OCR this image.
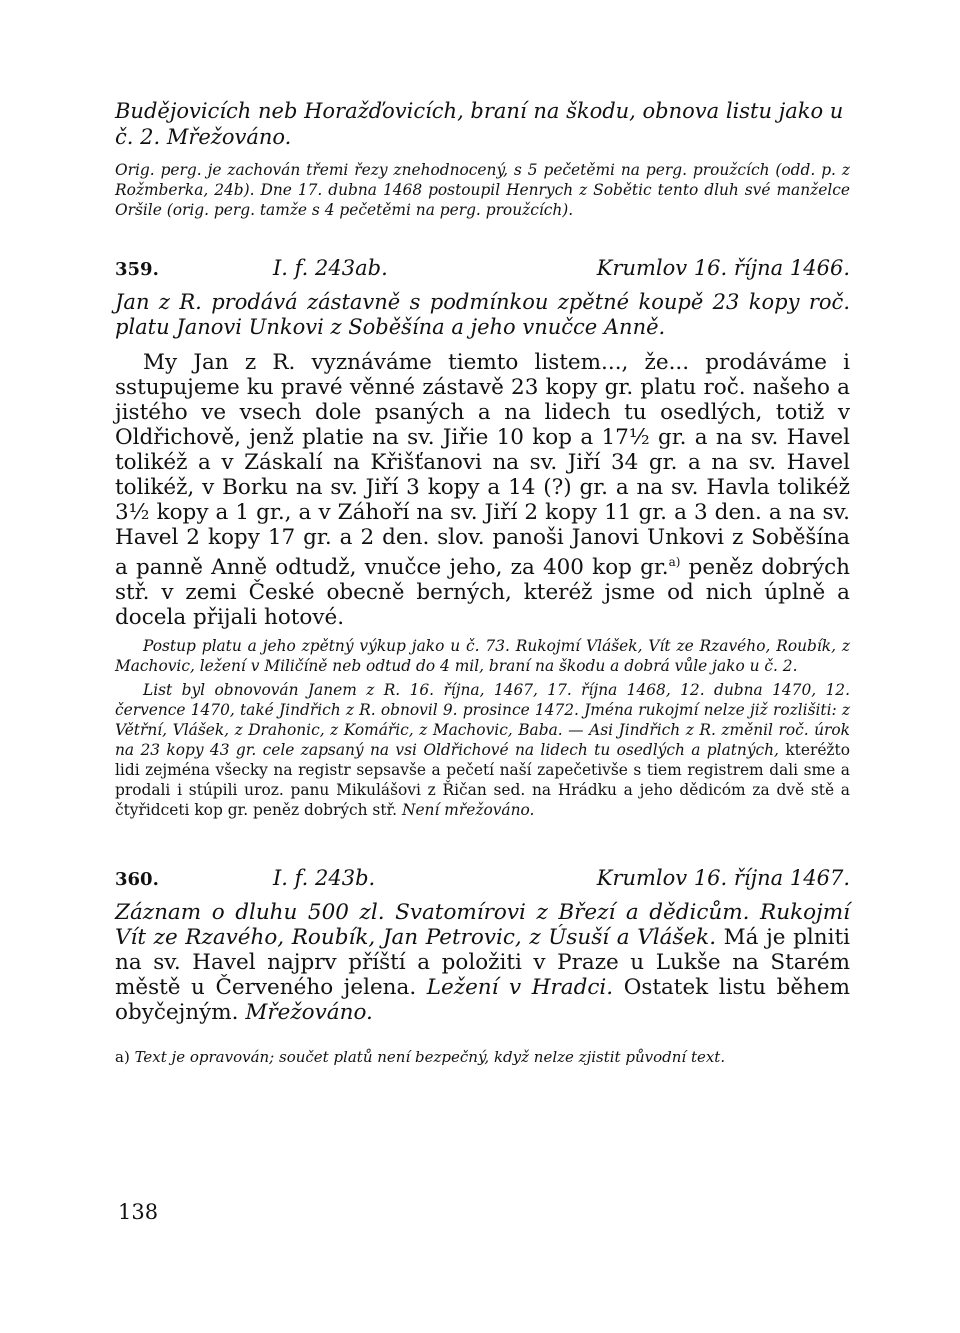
Budějovicích neb Horažďovicích, braní na škodu, obnova listu jako u č. 2. Mřežováno.

Orig. perg. je zachován třemi řezy znehodnocený, s 5 pečetěmi na perg. proužcích (odd. p. z Rožmberka, 24b). Dne 17. dubna 1468 postoupil Henrych z Sobětic tento dluh své manželce Oršile (orig. perg. tamže s 4 pečetěmi na perg. proužcích).

359.	I. f. 243ab.	Krumlov 16. října 1466.

Jan z R. prodává zástavně s podmínkou zpětné koupě 23 kopy roč. platu Janovi Unkovi z Soběšína a jeho vnučce Anně.

My Jan z R. vyznáváme tiemto listem..., že... prodáváme i sstupujeme ku pravé věnné zástavě 23 kopy gr. platu roč. našeho a jistého ve vsech dole psaných a na lidech tu osedlých, totiž v Oldřichově, jenž platie na sv. Jiřie 10 kop a 17½ gr. a na sv. Havel tolikéž a v Záskalí na Křišťanovi na sv. Jiří 34 gr. a na sv. Havel tolikéž, v Borku na sv. Jiří 3 kopy a 14 (?) gr. a na sv. Havla tolikéž 3½ kopy a 1 gr., a v Záhoří na sv. Jiří 2 kopy 11 gr. a 3 den. a na sv. Havel 2 kopy 17 gr. a 2 den. slov. panoši Janovi Unkovi z Soběšína a panně Anně odtudž, vnučce jeho, za 400 kop gr.$^{a)}$ peněz dobrých stř. v zemi České obecně berných, kteréž jsme od nich úplně a docela přijali hotové.

Postup platu a jeho zpětný výkup jako u č. 73. Rukojmí Vlášek, Vít ze Rzavého, Roubík, z Machovic, ležení v Miličíně neb odtud do 4 mil, braní na škodu a dobrá vůle jako u č. 2.

List byl obnovován Janem z R. 16. října, 1467, 17. října 1468, 12. dubna 1470, 12. července 1470, také Jindřich z R. obnovil 9. prosince 1472. Jména rukojmí nelze již rozlišiti: z Větřní, Vlášek, z Drahonic, z Komářic, z Machovic, Baba. — Asi Jindřich z R. změnil roč. úrok na 23 kopy 43 gr. cele zapsaný na vsi Oldřichové na lidech tu osedlých a platných, kteréžto lidi zejména všecky na registr sepsavše a pečetí naší zapečetivše s tiem registrem dali sme a prodali i stúpili uroz. panu Mikulášovi z Řičan sed. na Hrádku a jeho dědicóm za dvě stě a čtyřidceti kop gr. peněz dobrých stř. Není mřežováno.

360.	I. f. 243b.	Krumlov 16. října 1467.

Záznam o dluhu 500 zl. Svatomírovi z Březí a dědicům. Rukojmí Vít ze Rzavého, Roubík, Jan Petrovic, z Úsuší a Vlášek. Má je plniti na sv. Havel najprv příští a položiti v Praze u Lukše na Starém městě u Červeného jelena. Ležení v Hradci. Ostatek listu během obyčejným. Mřežováno.

a) Text je opravován; součet platů není bezpečný, když nelze zjistit původní text.

138
